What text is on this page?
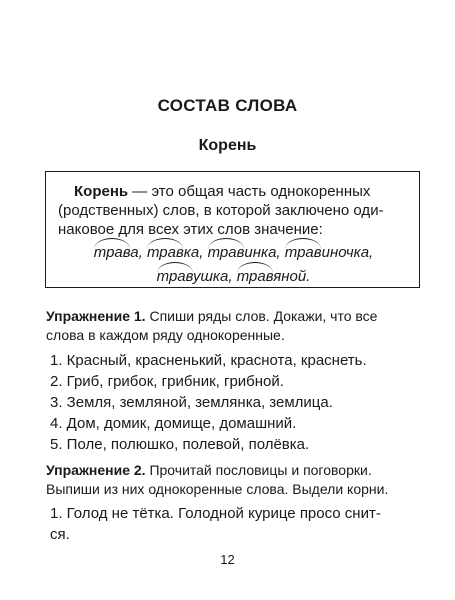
СОСТАВ СЛОВА
Корень
Корень — это общая часть однокоренных
(родственных) слов, в которой заключено оди-
наковое для всех этих слов значение:
трава, травка, травинка, травиночка,
травушка, травяной.
Упражнение 1. Спиши ряды слов. Докажи, что все
слова в каждом ряду однокоренные.
1. Красный, красненький, краснота, краснеть.
2. Гриб, грибок, грибник, грибной.
3. Земля, земляной, землянка, землица.
4. Дом, домик, домище, домашний.
5. Поле, полюшко, полевой, полёвка.
Упражнение 2. Прочитай пословицы и поговорки.
Выпиши из них однокоренные слова. Выдели корни.
1. Голод не тётка. Голодной курице просо снит-
ся.
12
